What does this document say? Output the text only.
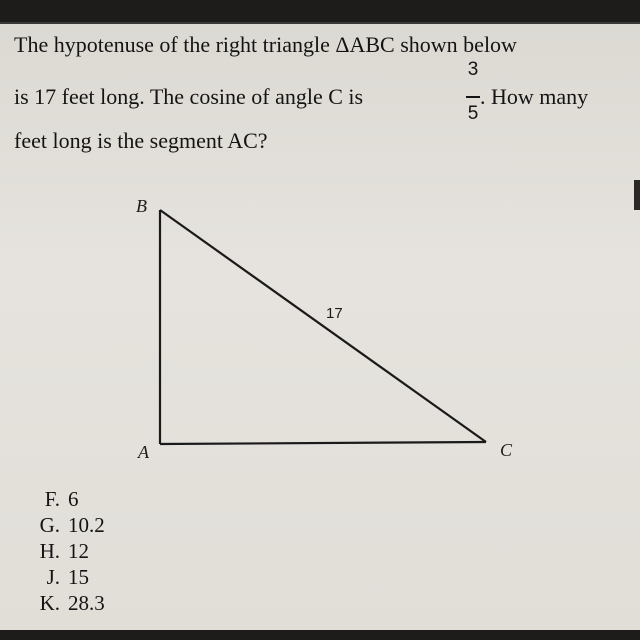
The hypotenuse of the right triangle ΔABC shown below
is 17 feet long. The cosine of angle C is
3
5
. How many
feet long is the segment AC?
B
A	C
17
F. 6
G. 10.2
H. 12
J. 15
K. 28.3
